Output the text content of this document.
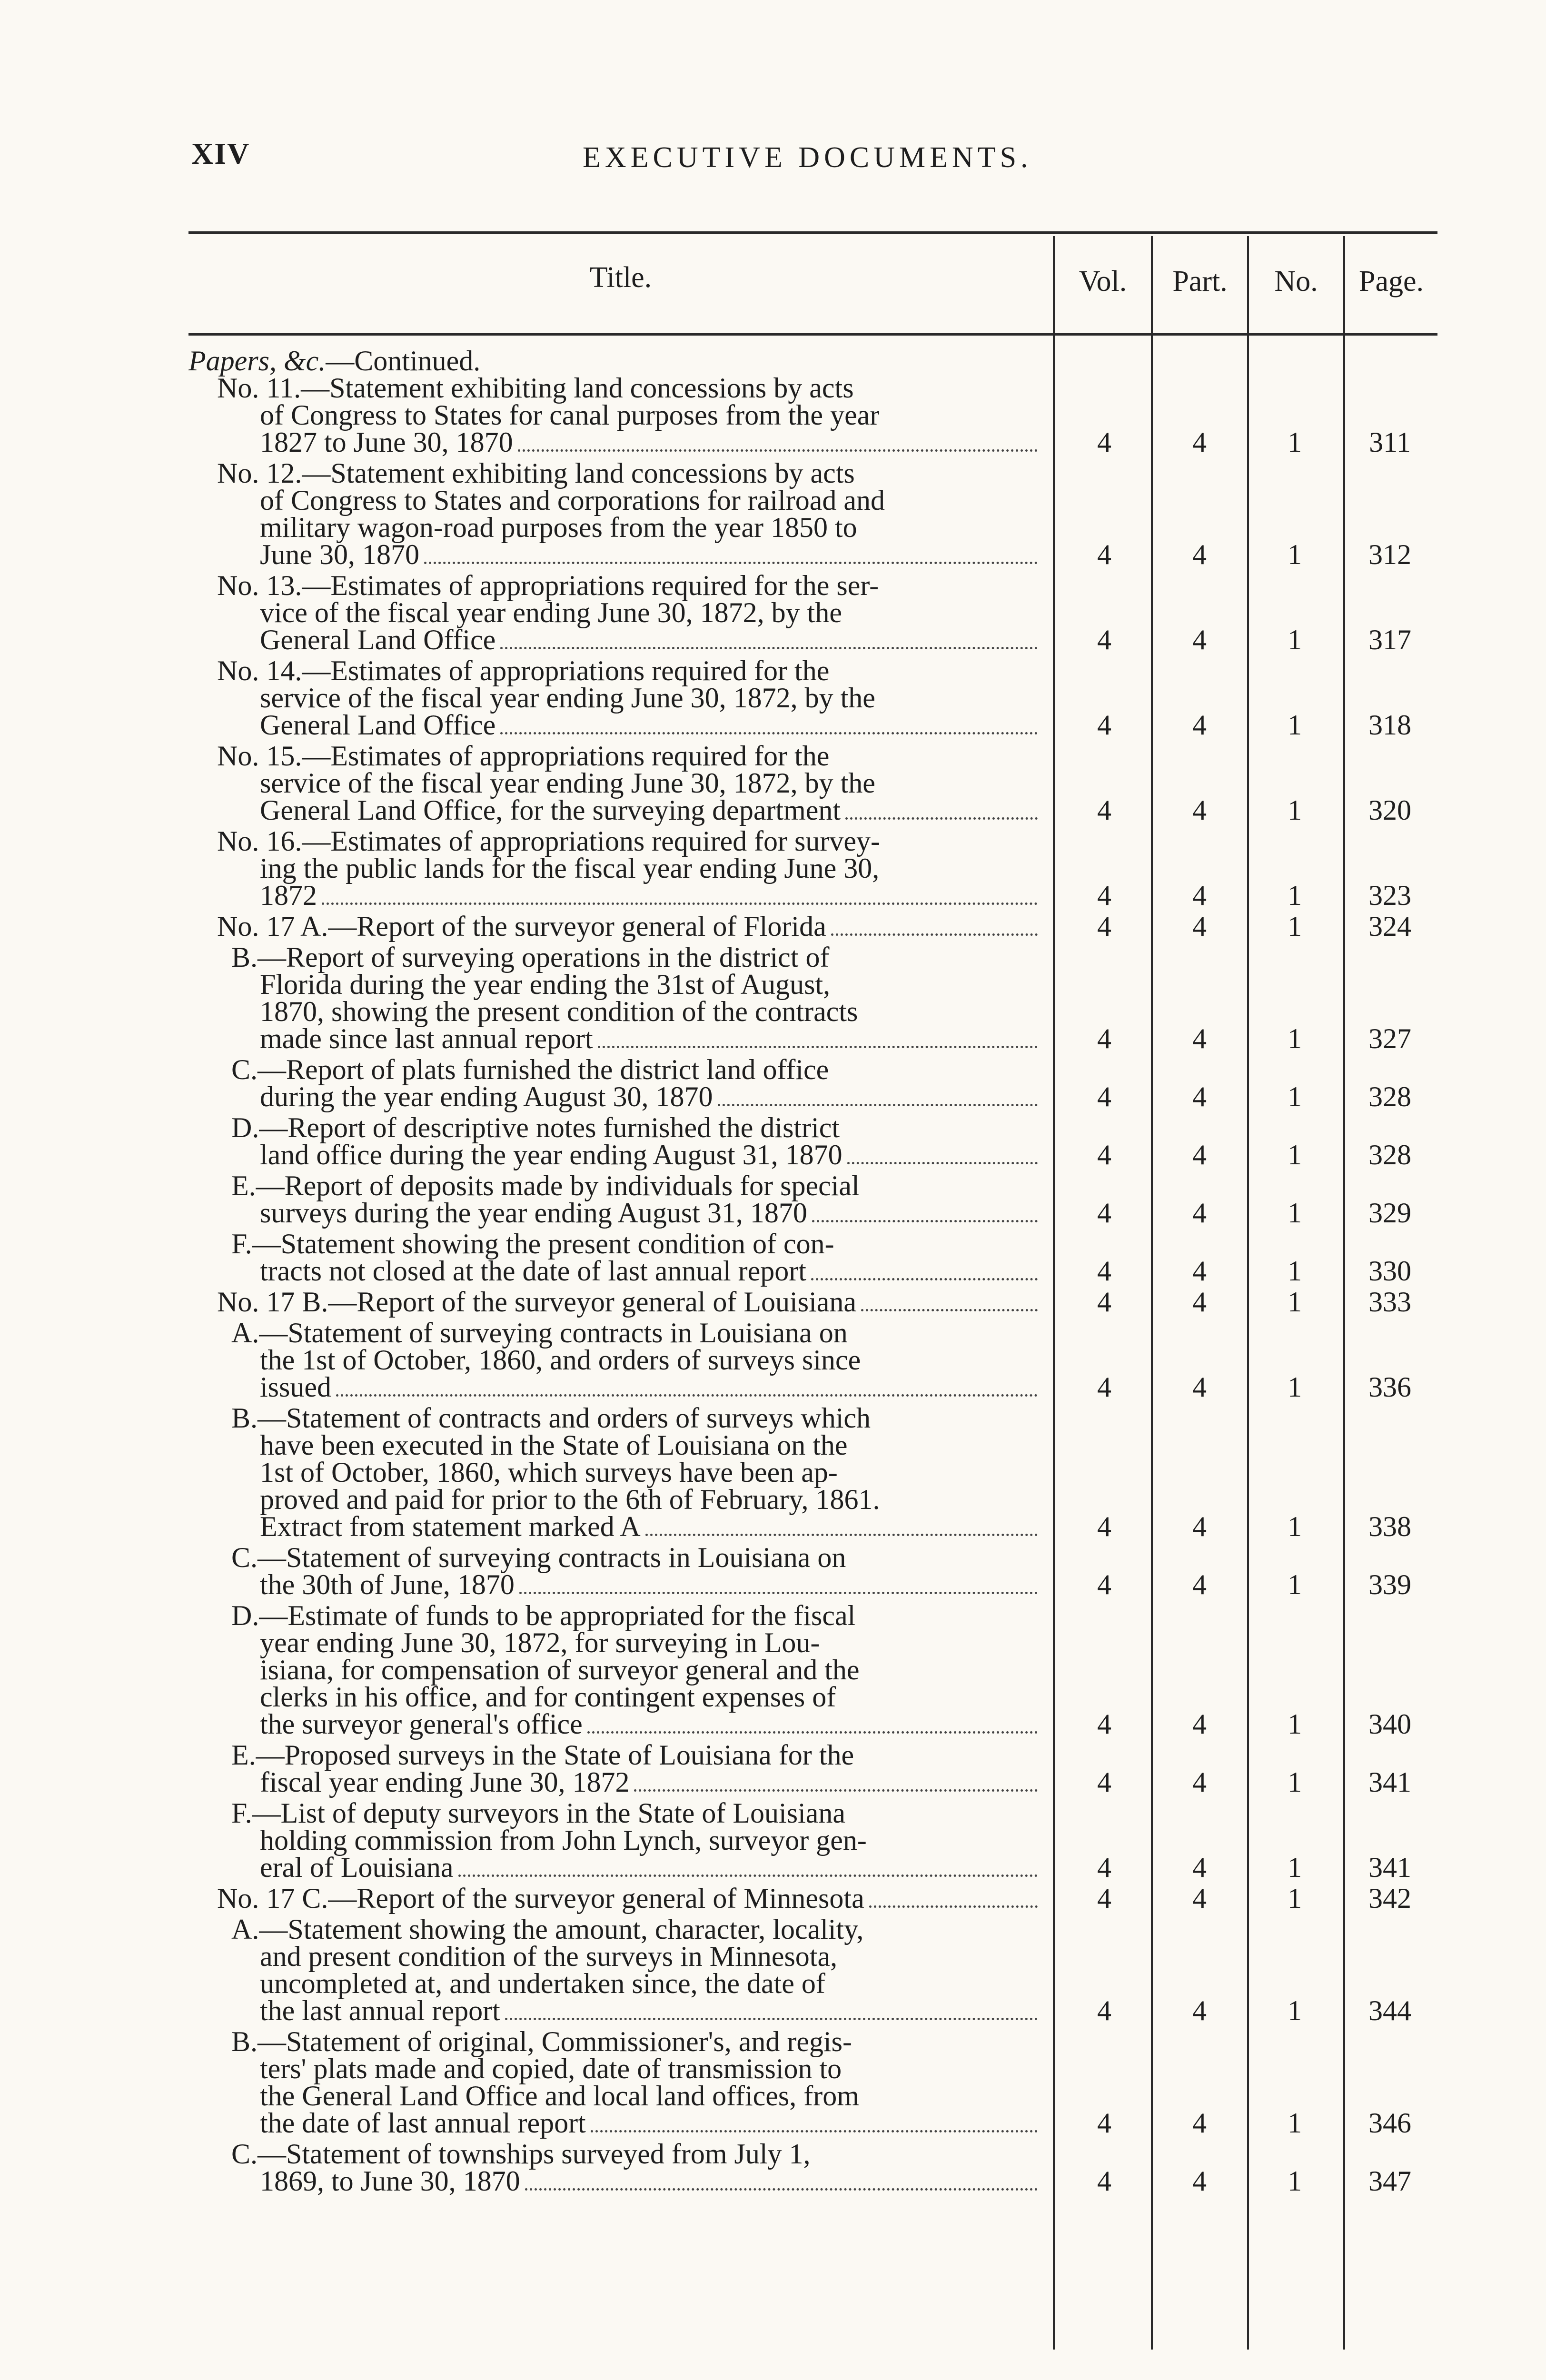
XIV	EXECUTIVE DOCUMENTS.
Title.	Vol.	Part.	No.	Page.
Papers, &c.—Continued.
No. 11.—Statement exhibiting land concessions by acts
of Congress to States for canal purposes from the year
1827 to June 30, 1870	4	4	1	311
No. 12.—Statement exhibiting land concessions by acts
of Congress to States and corporations for railroad and
military wagon-road purposes from the year 1850 to
June 30, 1870	4	4	1	312
No. 13.—Estimates of appropriations required for the ser-
vice of the fiscal year ending June 30, 1872, by the
General Land Office	4	4	1	317
No. 14.—Estimates of appropriations required for the
service of the fiscal year ending June 30, 1872, by the
General Land Office	4	4	1	318
No. 15.—Estimates of appropriations required for the
service of the fiscal year ending June 30, 1872, by the
General Land Office, for the surveying department	4	4	1	320
No. 16.—Estimates of appropriations required for survey-
ing the public lands for the fiscal year ending June 30,
1872	4	4	1	323
No. 17 A.—Report of the surveyor general of Florida	4	4	1	324
B.—Report of surveying operations in the district of
Florida during the year ending the 31st of August,
1870, showing the present condition of the contracts
made since last annual report	4	4	1	327
C.—Report of plats furnished the district land office
during the year ending August 30, 1870	4	4	1	328
D.—Report of descriptive notes furnished the district
land office during the year ending August 31, 1870	4	4	1	328
E.—Report of deposits made by individuals for special
surveys during the year ending August 31, 1870	4	4	1	329
F.—Statement showing the present condition of con-
tracts not closed at the date of last annual report	4	4	1	330
No. 17 B.—Report of the surveyor general of Louisiana	4	4	1	333
A.—Statement of surveying contracts in Louisiana on
the 1st of October, 1860, and orders of surveys since
issued	4	4	1	336
B.—Statement of contracts and orders of surveys which
have been executed in the State of Louisiana on the
1st of October, 1860, which surveys have been ap-
proved and paid for prior to the 6th of February, 1861.
Extract from statement marked A	4	4	1	338
C.—Statement of surveying contracts in Louisiana on
the 30th of June, 1870	4	4	1	339
D.—Estimate of funds to be appropriated for the fiscal
year ending June 30, 1872, for surveying in Lou-
isiana, for compensation of surveyor general and the
clerks in his office, and for contingent expenses of
the surveyor general's office	4	4	1	340
E.—Proposed surveys in the State of Louisiana for the
fiscal year ending June 30, 1872	4	4	1	341
F.—List of deputy surveyors in the State of Louisiana
holding commission from John Lynch, surveyor gen-
eral of Louisiana	4	4	1	341
No. 17 C.—Report of the surveyor general of Minnesota	4	4	1	342
A.—Statement showing the amount, character, locality,
and present condition of the surveys in Minnesota,
uncompleted at, and undertaken since, the date of
the last annual report	4	4	1	344
B.—Statement of original, Commissioner's, and regis-
ters' plats made and copied, date of transmission to
the General Land Office and local land offices, from
the date of last annual report	4	4	1	346
C.—Statement of townships surveyed from July 1,
1869, to June 30, 1870	4	4	1	347
